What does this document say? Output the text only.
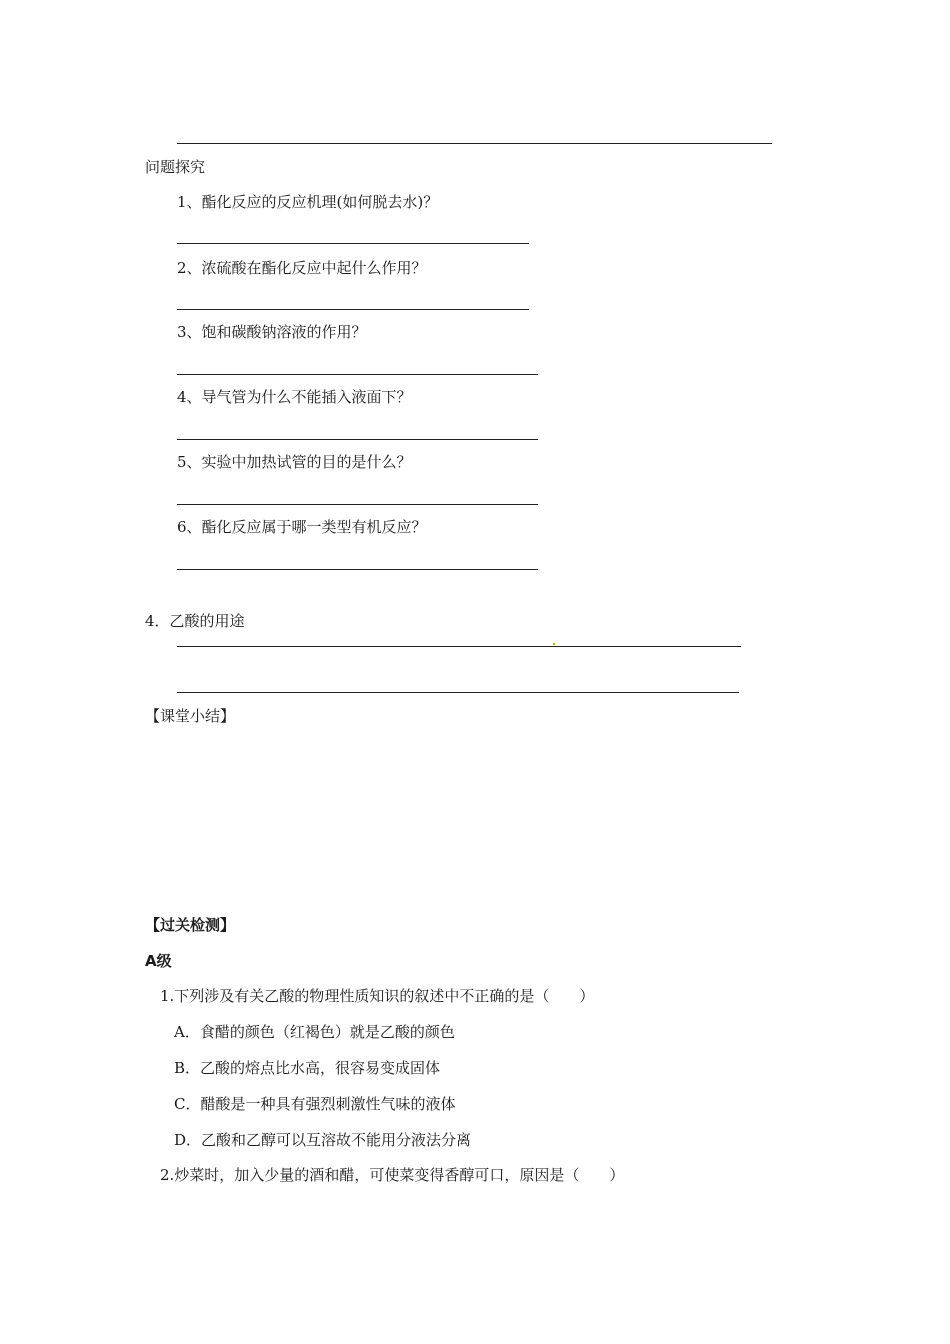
问题探究
1、酯化反应的反应机理(如何脱去水)？
2、浓硫酸在酯化反应中起什么作用？
3、饱和碳酸钠溶液的作用？
4、导气管为什么不能插入液面下？
5、实验中加热试管的目的是什么？
6、酯化反应属于哪一类型有机反应？
4．乙酸的用途
【课堂小结】
【过关检测】
A级
1.下列涉及有关乙酸的物理性质知识的叙述中不正确的是（　　）
A．食醋的颜色（红褐色）就是乙酸的颜色
B．乙酸的熔点比水高，很容易变成固体
C．醋酸是一种具有强烈刺激性气味的液体
D．乙酸和乙醇可以互溶故不能用分液法分离
2.炒菜时，加入少量的酒和醋，可使菜变得香醇可口，原因是（　　）
